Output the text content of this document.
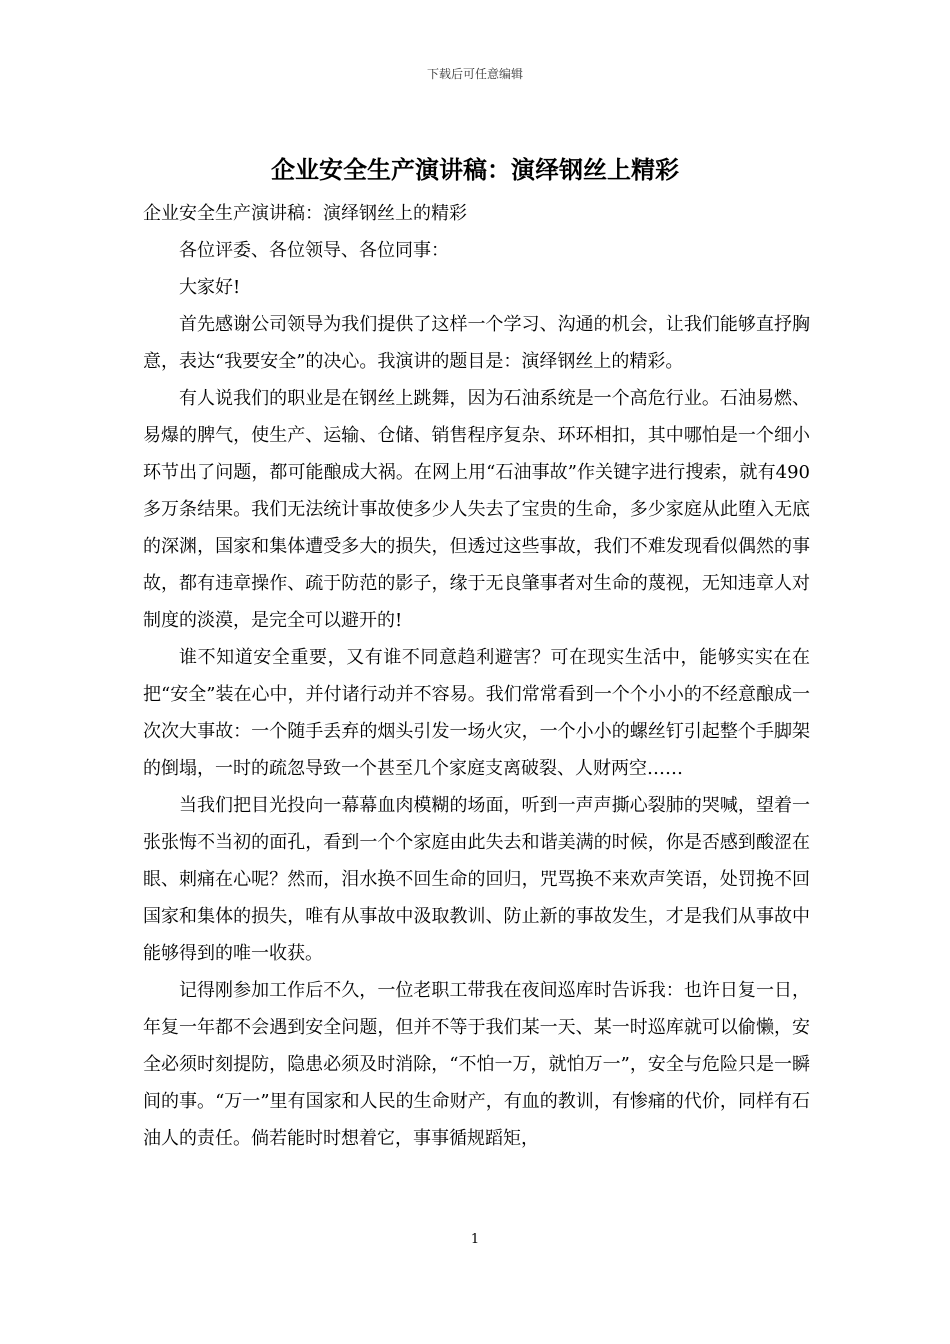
下载后可任意编辑
企业安全生产演讲稿：演绎钢丝上精彩

企业安全生产演讲稿：演绎钢丝上的精彩

各位评委、各位领导、各位同事：

大家好!

首先感谢公司领导为我们提供了这样一个学习、沟通的机会，让我们能够直抒胸意，表达“我要安全”的决心。我演讲的题目是：演绎钢丝上的精彩。

有人说我们的职业是在钢丝上跳舞，因为石油系统是一个高危行业。石油易燃、易爆的脾气，使生产、运输、仓储、销售程序复杂、环环相扣，其中哪怕是一个细小环节出了问题，都可能酿成大祸。在网上用“石油事故”作关键字进行搜索，就有490多万条结果。我们无法统计事故使多少人失去了宝贵的生命，多少家庭从此堕入无底的深渊，国家和集体遭受多大的损失，但透过这些事故，我们不难发现看似偶然的事故，都有违章操作、疏于防范的影子，缘于无良肇事者对生命的蔑视，无知违章人对制度的淡漠，是完全可以避开的!

谁不知道安全重要，又有谁不同意趋利避害？可在现实生活中，能够实实在在把“安全”装在心中，并付诸行动并不容易。我们常常看到一个个小小的不经意酿成一次次大事故：一个随手丢弃的烟头引发一场火灾，一个小小的螺丝钉引起整个手脚架的倒塌，一时的疏忽导致一个甚至几个家庭支离破裂、人财两空……

当我们把目光投向一幕幕血肉模糊的场面，听到一声声撕心裂肺的哭喊，望着一张张悔不当初的面孔，看到一个个家庭由此失去和谐美满的时候，你是否感到酸涩在眼、刺痛在心呢？然而，泪水换不回生命的回归，咒骂换不来欢声笑语，处罚挽不回国家和集体的损失，唯有从事故中汲取教训、防止新的事故发生，才是我们从事故中能够得到的唯一收获。

记得刚参加工作后不久，一位老职工带我在夜间巡库时告诉我：也许日复一日，年复一年都不会遇到安全问题，但并不等于我们某一天、某一时巡库就可以偷懒，安全必须时刻提防，隐患必须及时消除，“不怕一万，就怕万一”，安全与危险只是一瞬间的事。“万一”里有国家和人民的生命财产，有血的教训，有惨痛的代价，同样有石油人的责任。倘若能时时想着它，事事循规蹈矩，

1
